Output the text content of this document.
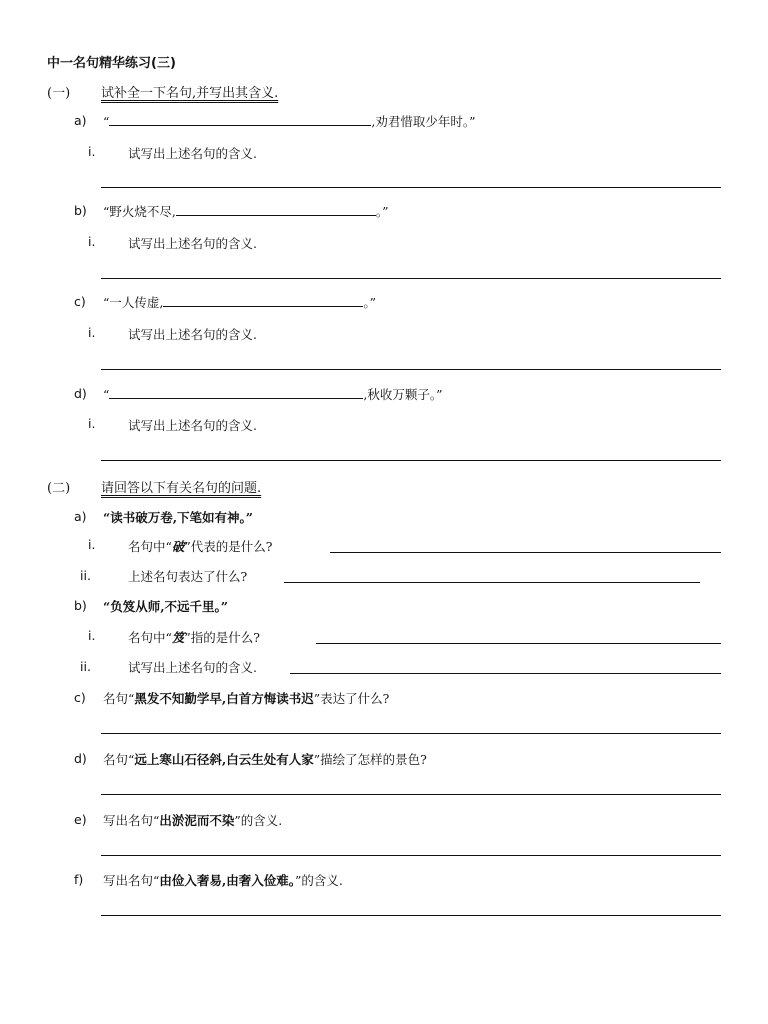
中一名句精华练习(三)
(一) 试补全一下名句,并写出其含义.
a) “	,劝君惜取少年时。”
i.	试写出上述名句的含义.
b) “野火烧不尽,	。”
i.	试写出上述名句的含义.
c) “一人传虚,	。”
i.	试写出上述名句的含义.
d) “	,秋收万颗子。”
i.	试写出上述名句的含义.
(二) 请回答以下有关名句的问题.
a) “读书破万卷,下笔如有神。”
i.	名句中“破”代表的是什么?
ii.	上述名句表达了什么?
b) “负笈从师,不远千里。”
i.	名句中“笈”指的是什么?
ii.	试写出上述名句的含义.
c) 名句“黑发不知勤学早,白首方悔读书迟”表达了什么?
d) 名句“远上寒山石径斜,白云生处有人家”描绘了怎样的景色?
e) 写出名句“出淤泥而不染”的含义.
f) 写出名句“由俭入奢易,由奢入俭难。”的含义.
